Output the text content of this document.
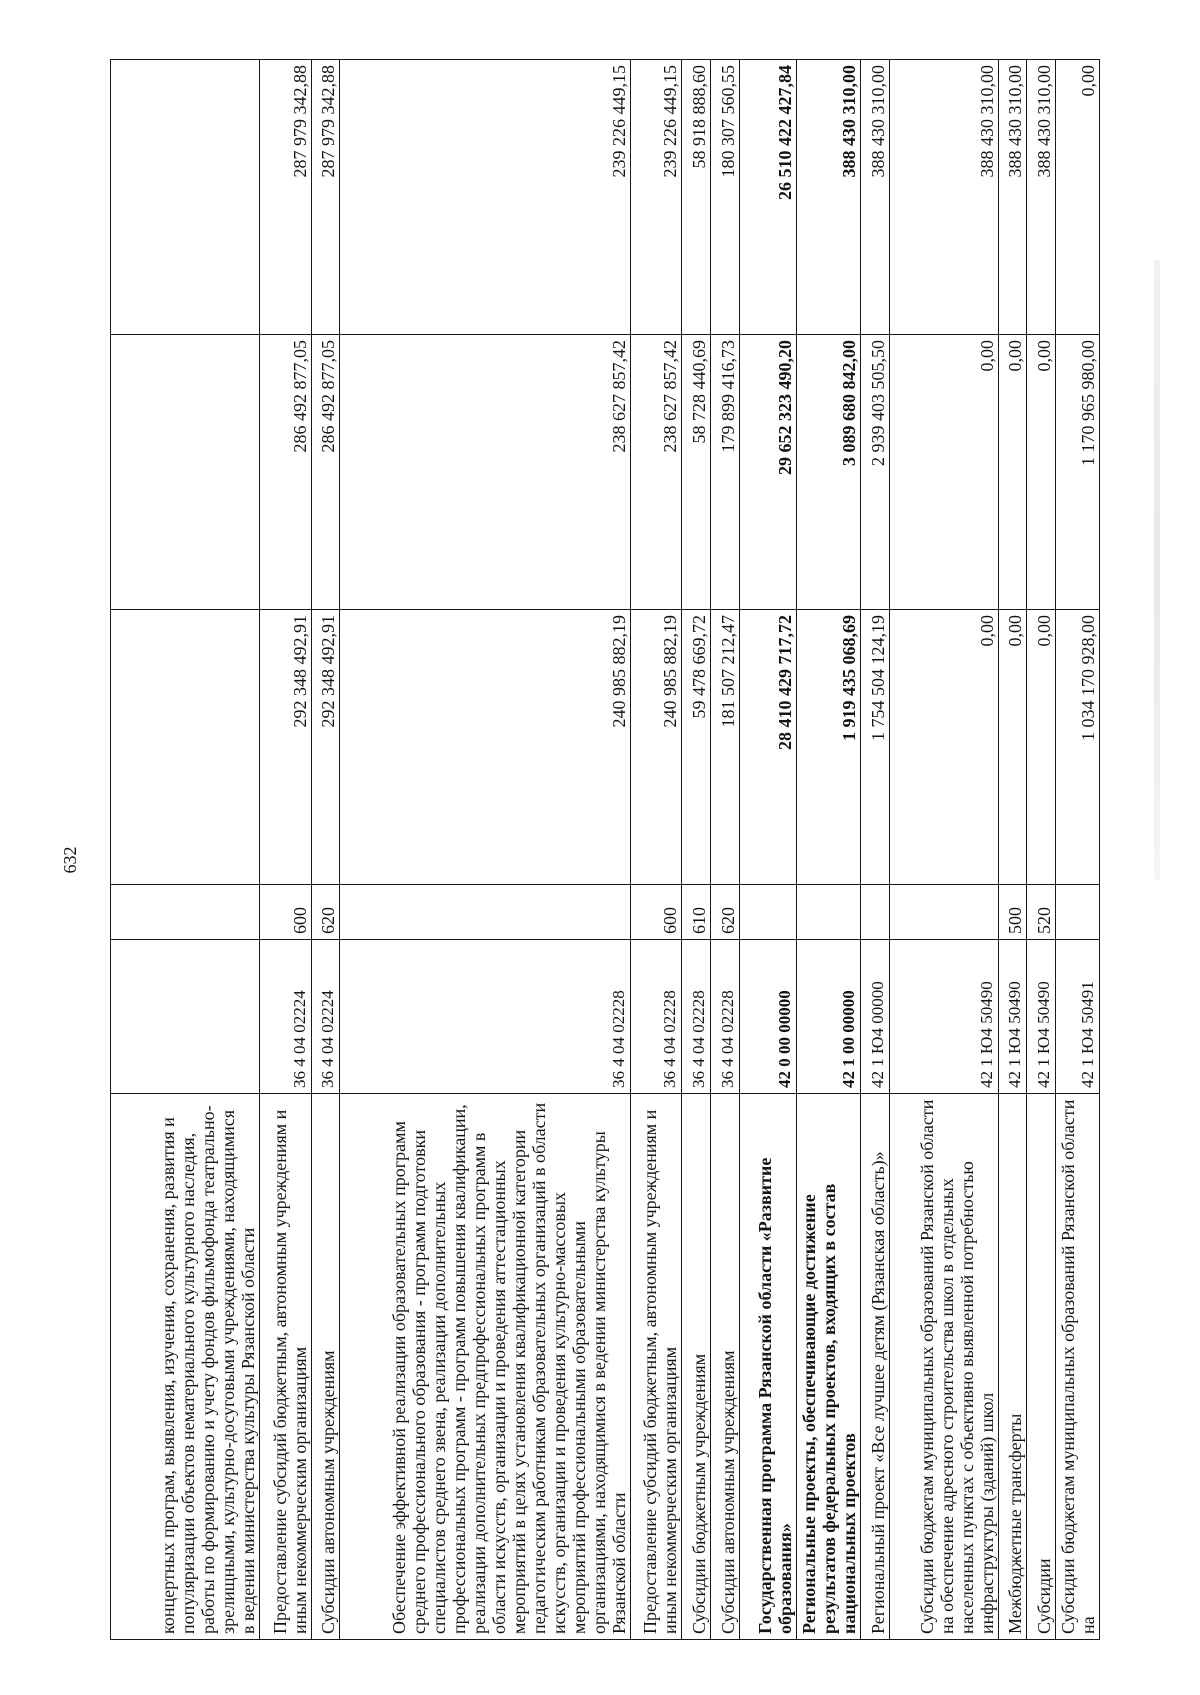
632
концертных програм, выявления, изучения, сохранения, развития и популяризации объектов нематериального культурного наследия, работы по формированию и учету фондов фильмофонда театрально-зрелищными, культурно-досуговыми учреждениями, находящимися в ведении министерства культуры Рязанской области					
Предоставление субсидий бюджетным, автономным учреждениям и иным некоммерческим организациям	36 4 04 02224	600	292 348 492,91	286 492 877,05	287 979 342,88
Субсидии автономным учреждениям	36 4 04 02224	620	292 348 492,91	286 492 877,05	287 979 342,88
Обеспечение эффективной реализации образовательных программ среднего профессионального образования - программ подготовки специалистов среднего звена, реализации дополнительных профессиональных программ - программ повышения квалификации, реализации дополнительных предпрофессиональных программ в области искусств, организации и проведения аттестационных мероприятий в целях установления квалификационной категории педагогическим работникам образовательных организаций в области искусств, организации и проведения культурно-массовых мероприятий профессиональными образовательными организациями, находящимися в ведении министерства культуры Рязанской области	36 4 04 02228		240 985 882,19	238 627 857,42	239 226 449,15
Предоставление субсидий бюджетным, автономным учреждениям и иным некоммерческим организациям	36 4 04 02228	600	240 985 882,19	238 627 857,42	239 226 449,15
Субсидии бюджетным учреждениям	36 4 04 02228	610	59 478 669,72	58 728 440,69	58 918 888,60
Субсидии автономным учреждениям	36 4 04 02228	620	181 507 212,47	179 899 416,73	180 307 560,55
Государственная программа Рязанской области «Развитие образования»	42 0 00 00000		28 410 429 717,72	29 652 323 490,20	26 510 422 427,84
Региональные проекты, обеспечивающие достижение результатов федеральных проектов, входящих в состав национальных проектов	42 1 00 00000		1 919 435 068,69	3 089 680 842,00	388 430 310,00
Региональный проект «Все лучшее детям (Рязанская область)»	42 1 Ю4 00000		1 754 504 124,19	2 939 403 505,50	388 430 310,00
Субсидии бюджетам муниципальных образований Рязанской области на обеспечение адресного строительства школ в отдельных населенных пунктах с объективно выявленной потребностью инфраструктуры (зданий) школ	42 1 Ю4 50490		0,00	0,00	388 430 310,00
Межбюджетные трансферты	42 1 Ю4 50490	500	0,00	0,00	388 430 310,00
Субсидии	42 1 Ю4 50490	520	0,00	0,00	388 430 310,00
Субсидии бюджетам муниципальных образований Рязанской области на	42 1 Ю4 50491		1 034 170 928,00	1 170 965 980,00	0,00
